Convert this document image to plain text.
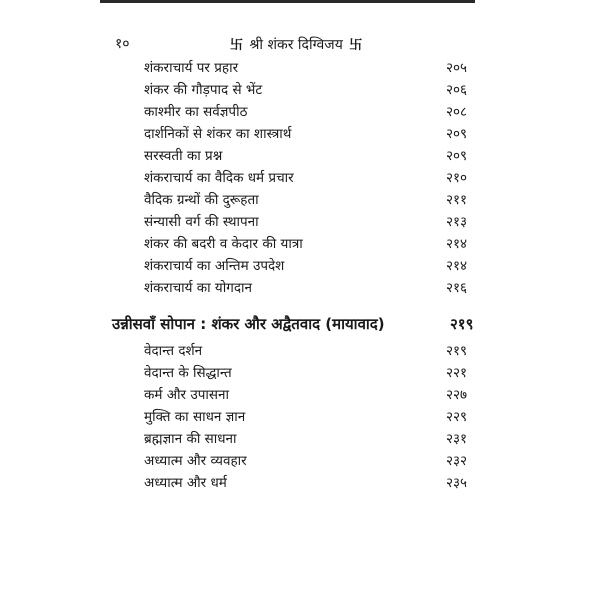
१०	卐 श्री शंकर दिग्विजय 卐
शंकराचार्य पर प्रहार	२०५
शंकर की गौड़पाद से भेंट	२०६
काश्मीर का सर्वज्ञपीठ	२०८
दार्शनिकों से शंकर का शास्त्रार्थ	२०९
सरस्वती का प्रश्न	२०९
शंकराचार्य का वैदिक धर्म प्रचार	२१०
वैदिक ग्रन्थों की दुरूहता	२११
संन्यासी वर्ग की स्थापना	२१३
शंकर की बदरी व केदार की यात्रा	२१४
शंकराचार्य का अन्तिम उपदेश	२१४
शंकराचार्य का योगदान	२१६
उन्नीसवाँ सोपान : शंकर और अद्वैतवाद (मायावाद)	२१९
वेदान्त दर्शन	२१९
वेदान्त के सिद्धान्त	२२१
कर्म और उपासना	२२७
मुक्ति का साधन ज्ञान	२२९
ब्रह्मज्ञान की साधना	२३१
अध्यात्म और व्यवहार	२३२
अध्यात्म और धर्म	२३५
